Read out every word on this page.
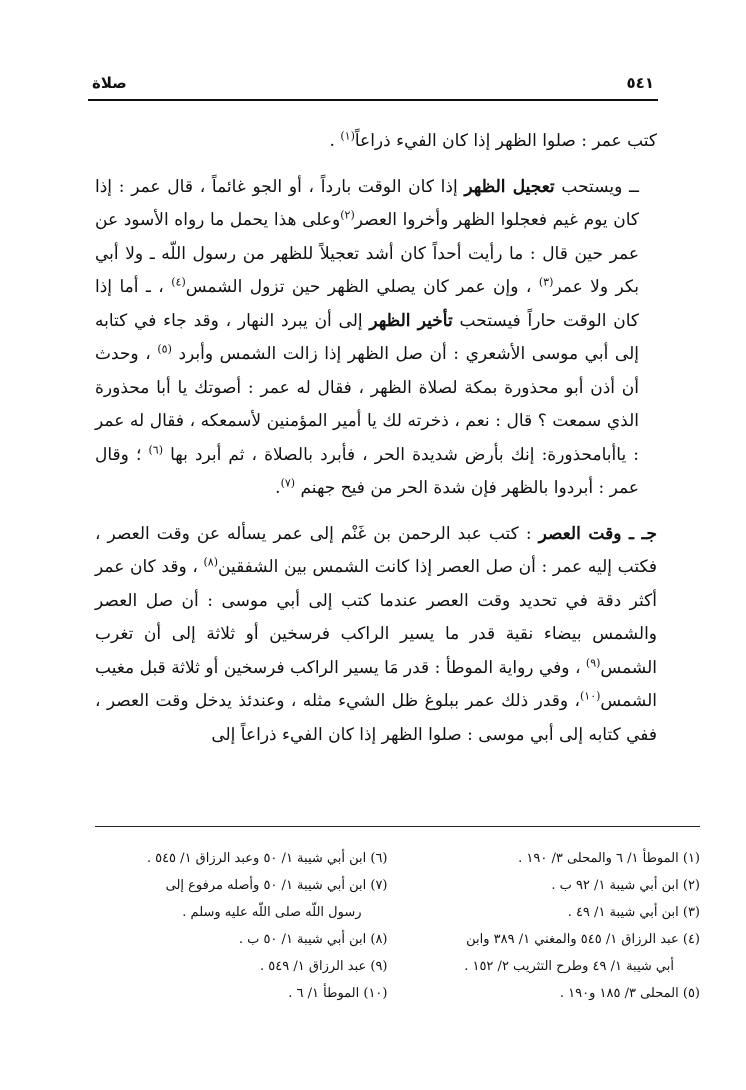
٥٤١
صلاة

كتب عمر : صلوا الظهر إذا كان الفيء ذراعاً$^{(١)}$ .

ــ ويستحب تعجيل الظهر إذا كان الوقت بارداً ، أو الجو غائماً ، قال عمر : إذا كان يوم غيم فعجلوا الظهر وأخروا العصر$^{(٢)}$وعلى هذا يحمل ما رواه الأسود عن عمر حين قال : ما رأيت أحداً كان أشد تعجيلاً للظهر من رسول اللّه ـ ولا أبي بكر ولا عمر$^{(٣)}$ ، وإن عمر كان يصلي الظهر حين تزول الشمس$^{(٤)}$ ، ـ أما إذا كان الوقت حاراً فيستحب تأخير الظهر إلى أن يبرد النهار ، وقد جاء في كتابه إلى أبي موسى الأشعري : أن صل الظهر إذا زالت الشمس وأبرد $^{(٥)}$ ، وحدث أن أذن أبو محذورة بمكة لصلاة الظهر ، فقال له عمر : أصوتك يا أبا محذورة الذي سمعت ؟ قال : نعم ، ذخرته لك يا أمير المؤمنين لأسمعكه ، فقال له عمر : ياأبامحذورة: إنك بأرض شديدة الحر ، فأبرد بالصلاة ، ثم أبرد بها $^{(٦)}$ ؛ وقال عمر : أبردوا بالظهر فإن شدة الحر من فيح جهنم $^{(٧)}$.

جـ ـ وقت العصر : كتب عبد الرحمن بن غَنْم إلى عمر يسأله عن وقت العصر ، فكتب إليه عمر : أن صل العصر إذا كانت الشمس بين الشفقين$^{(٨)}$ ، وقد كان عمر أكثر دقة في تحديد وقت العصر عندما كتب إلى أبي موسى : أن صل العصر والشمس بيضاء نقية قدر ما يسير الراكب فرسخين أو ثلاثة إلى أن تغرب الشمس$^{(٩)}$ ، وفي رواية الموطأ : قدر مَا يسير الراكب فرسخين أو ثلاثة قبل مغيب الشمس$^{(١٠)}$، وقدر ذلك عمر ببلوغ ظل الشيء مثله ، وعندئذ يدخل وقت العصر ، ففي كتابه إلى أبي موسى : صلوا الظهر إذا كان الفيء ذراعاً إلى

(١) الموطأ ١/ ٦ والمحلى ٣/ ١٩٠ .
(٢) ابن أبي شيبة ١/ ٩٢ ب .
(٣) ابن أبي شيبة ١/ ٤٩ .
(٤) عبد الرزاق ١/ ٥٤٥ والمغني ١/ ٣٨٩ وابن
أبي شيبة ١/ ٤٩ وطرح التثريب ٢/ ١٥٢ .
(٥) المحلى ٣/ ١٨٥ و١٩٠ .
(٦) ابن أبي شيبة ١/ ٥٠ وعبد الرزاق ١/ ٥٤٥ .
(٧) ابن أبي شيبة ١/ ٥٠ وأصله مرفوع إلى
رسول اللّه صلى اللّه عليه وسلم .
(٨) ابن أبي شيبة ١/ ٥٠ ب .
(٩) عبد الرزاق ١/ ٥٤٩ .
(١٠) الموطأ ١/ ٦ .
